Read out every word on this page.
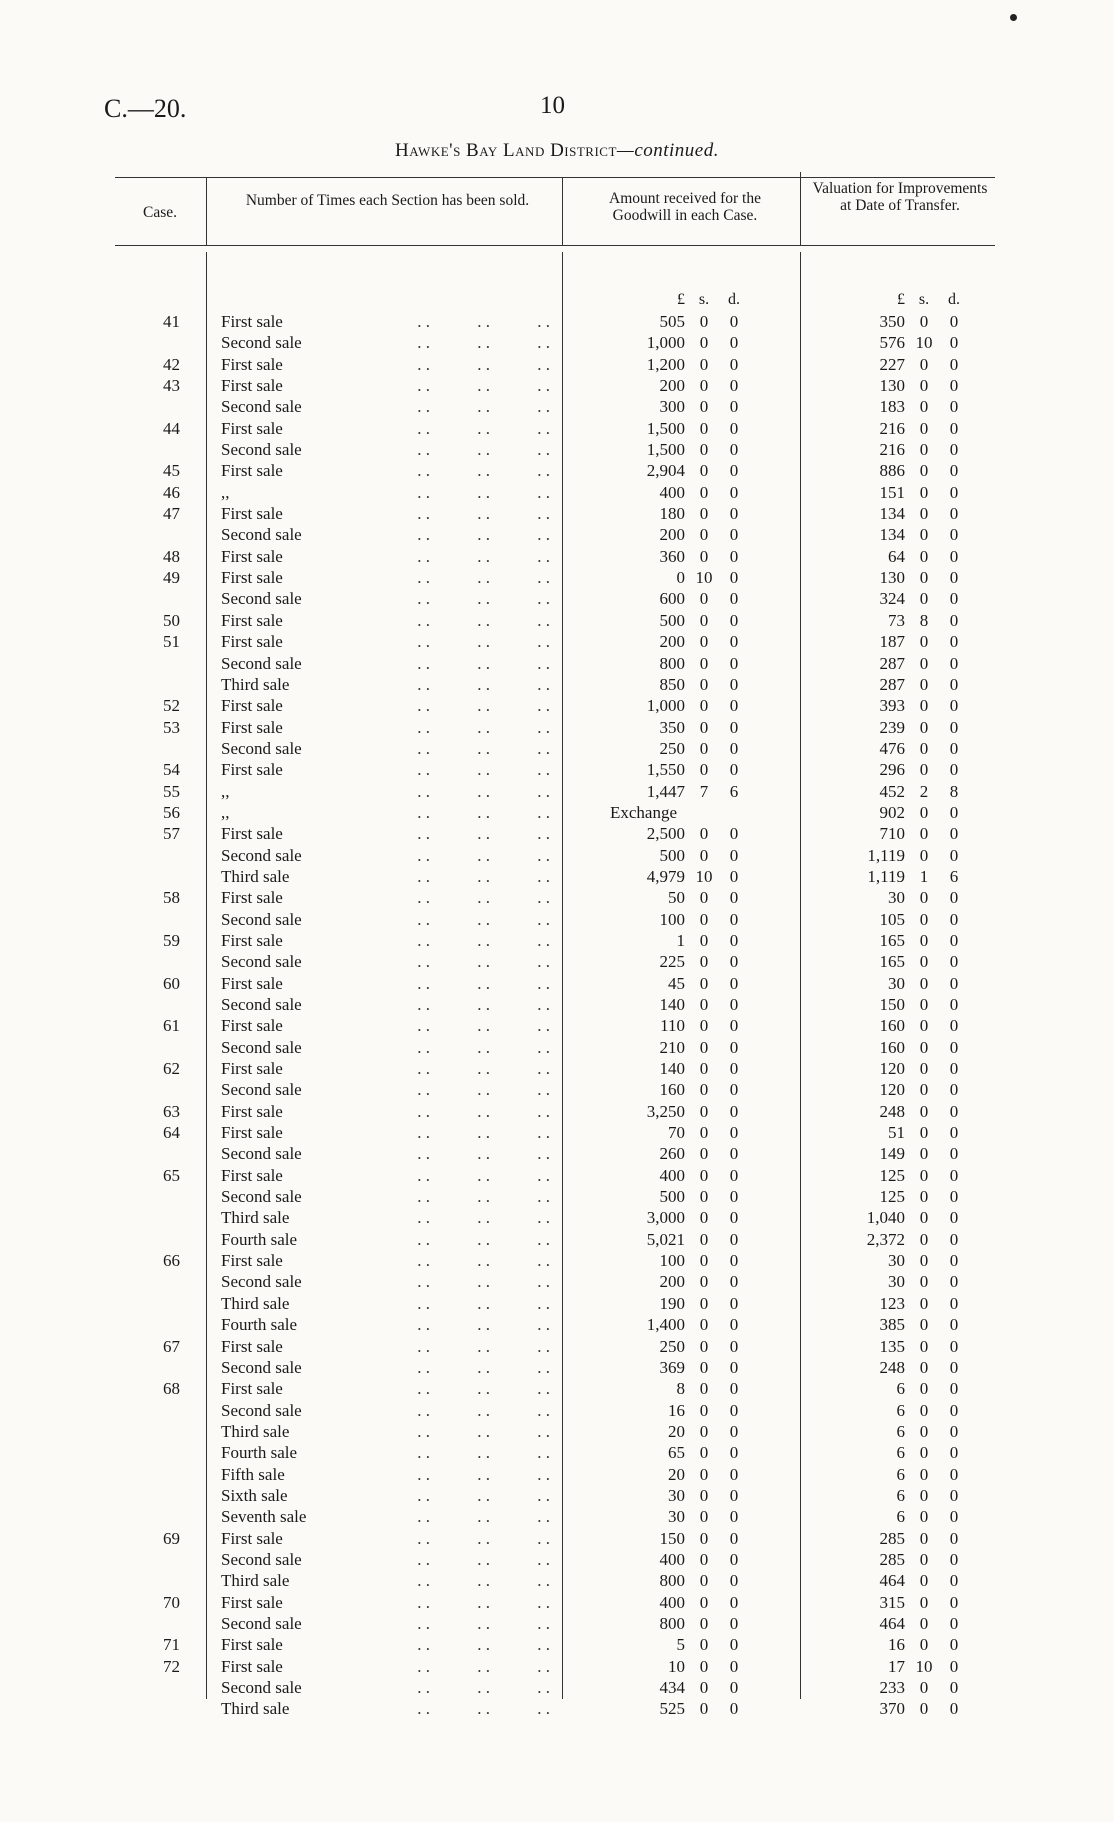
C.—20.	10
Hawke's Bay Land District—continued.
Case.
Number of Times each Section has been sold.	Amount received for the Goodwill in each Case.
Valuation for Improvements at Date of Transfer.
£ s.	d.	£ s.	d.
41 First sale	. .	. .	. .	505 0	0	350 0	0
Second sale	. .	. .	. .	1,000 0	0	576 10	0
42 First sale	. .	. .	. .	1,200 0	0	227 0	0
43 First sale	. .	. .	. .	200 0	0	130 0	0
Second sale	. .	. .	. .	300 0	0	183 0	0
44 First sale	. .	. .	. .	1,500 0	0	216 0	0
Second sale	. .	. .	. .	1,500 0	0	216 0	0
45 First sale	. .	. .	. .	2,904 0	0	886 0	0
46 ,,	. .	. .	. .	400 0	0	151 0	0
47 First sale	. .	. .	. .	180 0	0	134 0	0
Second sale	. .	. .	. .	200 0	0	134 0	0
48 First sale	. .	. .	. .	360 0	0	64 0	0
49 First sale	. .	. .	. .	0 10	0	130 0	0
Second sale	. .	. .	. .	600 0	0	324 0	0
50 First sale	. .	. .	. .	500 0	0	73 8	0
51 First sale	. .	. .	. .	200 0	0	187 0	0
Second sale	. .	. .	. .	800 0	0	287 0	0
Third sale	. .	. .	. .	850 0	0	287 0	0
52 First sale	. .	. .	. .	1,000 0	0	393 0	0
53 First sale	. .	. .	. .	350 0	0	239 0	0
Second sale	. .	. .	. .	250 0	0	476 0	0
54 First sale	. .	. .	. .	1,550 0	0	296 0	0
55 ,,	. .	. .	. .	1,447 7	6	452 2	8
56 ,,	. .	. .	. .	Exchange	902 0	0
57 First sale	. .	. .	. .	2,500 0	0	710 0	0
Second sale	. .	. .	. .	500 0	0	1,119 0	0
Third sale	. .	. .	. .	4,979 10	0	1,119 1	6
58 First sale	. .	. .	. .	50 0	0	30 0	0
Second sale	. .	. .	. .	100 0	0	105 0	0
59 First sale	. .	. .	. .	1 0	0	165 0	0
Second sale	. .	. .	. .	225 0	0	165 0	0
60 First sale	. .	. .	. .	45 0	0	30 0	0
Second sale	. .	. .	. .	140 0	0	150 0	0
61 First sale	. .	. .	. .	110 0	0	160 0	0
Second sale	. .	. .	. .	210 0	0	160 0	0
62 First sale	. .	. .	. .	140 0	0	120 0	0
Second sale	. .	. .	. .	160 0	0	120 0	0
63 First sale	. .	. .	. .	3,250 0	0	248 0	0
64 First sale	. .	. .	. .	70 0	0	51 0	0
Second sale	. .	. .	. .	260 0	0	149 0	0
65 First sale	. .	. .	. .	400 0	0	125 0	0
Second sale	. .	. .	. .	500 0	0	125 0	0
Third sale	. .	. .	. .	3,000 0	0	1,040 0	0
Fourth sale	. .	. .	. .	5,021 0	0	2,372 0	0
66 First sale	. .	. .	. .	100 0	0	30 0	0
Second sale	. .	. .	. .	200 0	0	30 0	0
Third sale	. .	. .	. .	190 0	0	123 0	0
Fourth sale	. .	. .	. .	1,400 0	0	385 0	0
67 First sale	. .	. .	. .	250 0	0	135 0	0
Second sale	. .	. .	. .	369 0	0	248 0	0
68 First sale	. .	. .	. .	8 0	0	6 0	0
Second sale	. .	. .	. .	16 0	0	6 0	0
Third sale	. .	. .	. .	20 0	0	6 0	0
Fourth sale	. .	. .	. .	65 0	0	6 0	0
Fifth sale	. .	. .	. .	20 0	0	6 0	0
Sixth sale	. .	. .	. .	30 0	0	6 0	0
Seventh sale	. .	. .	. .	30 0	0	6 0	0
69 First sale	. .	. .	. .	150 0	0	285 0	0
Second sale	. .	. .	. .	400 0	0	285 0	0
Third sale	. .	. .	. .	800 0	0	464 0	0
70 First sale	. .	. .	. .	400 0	0	315 0	0
Second sale	. .	. .	. .	800 0	0	464 0	0
71 First sale	. .	. .	. .	5 0	0	16 0	0
72 First sale	. .	. .	. .	10 0	0	17 10	0
Second sale	. .	. .	. .	434 0	0	233 0	0
Third sale	. .	. .	. .	525 0	0	370 0	0
